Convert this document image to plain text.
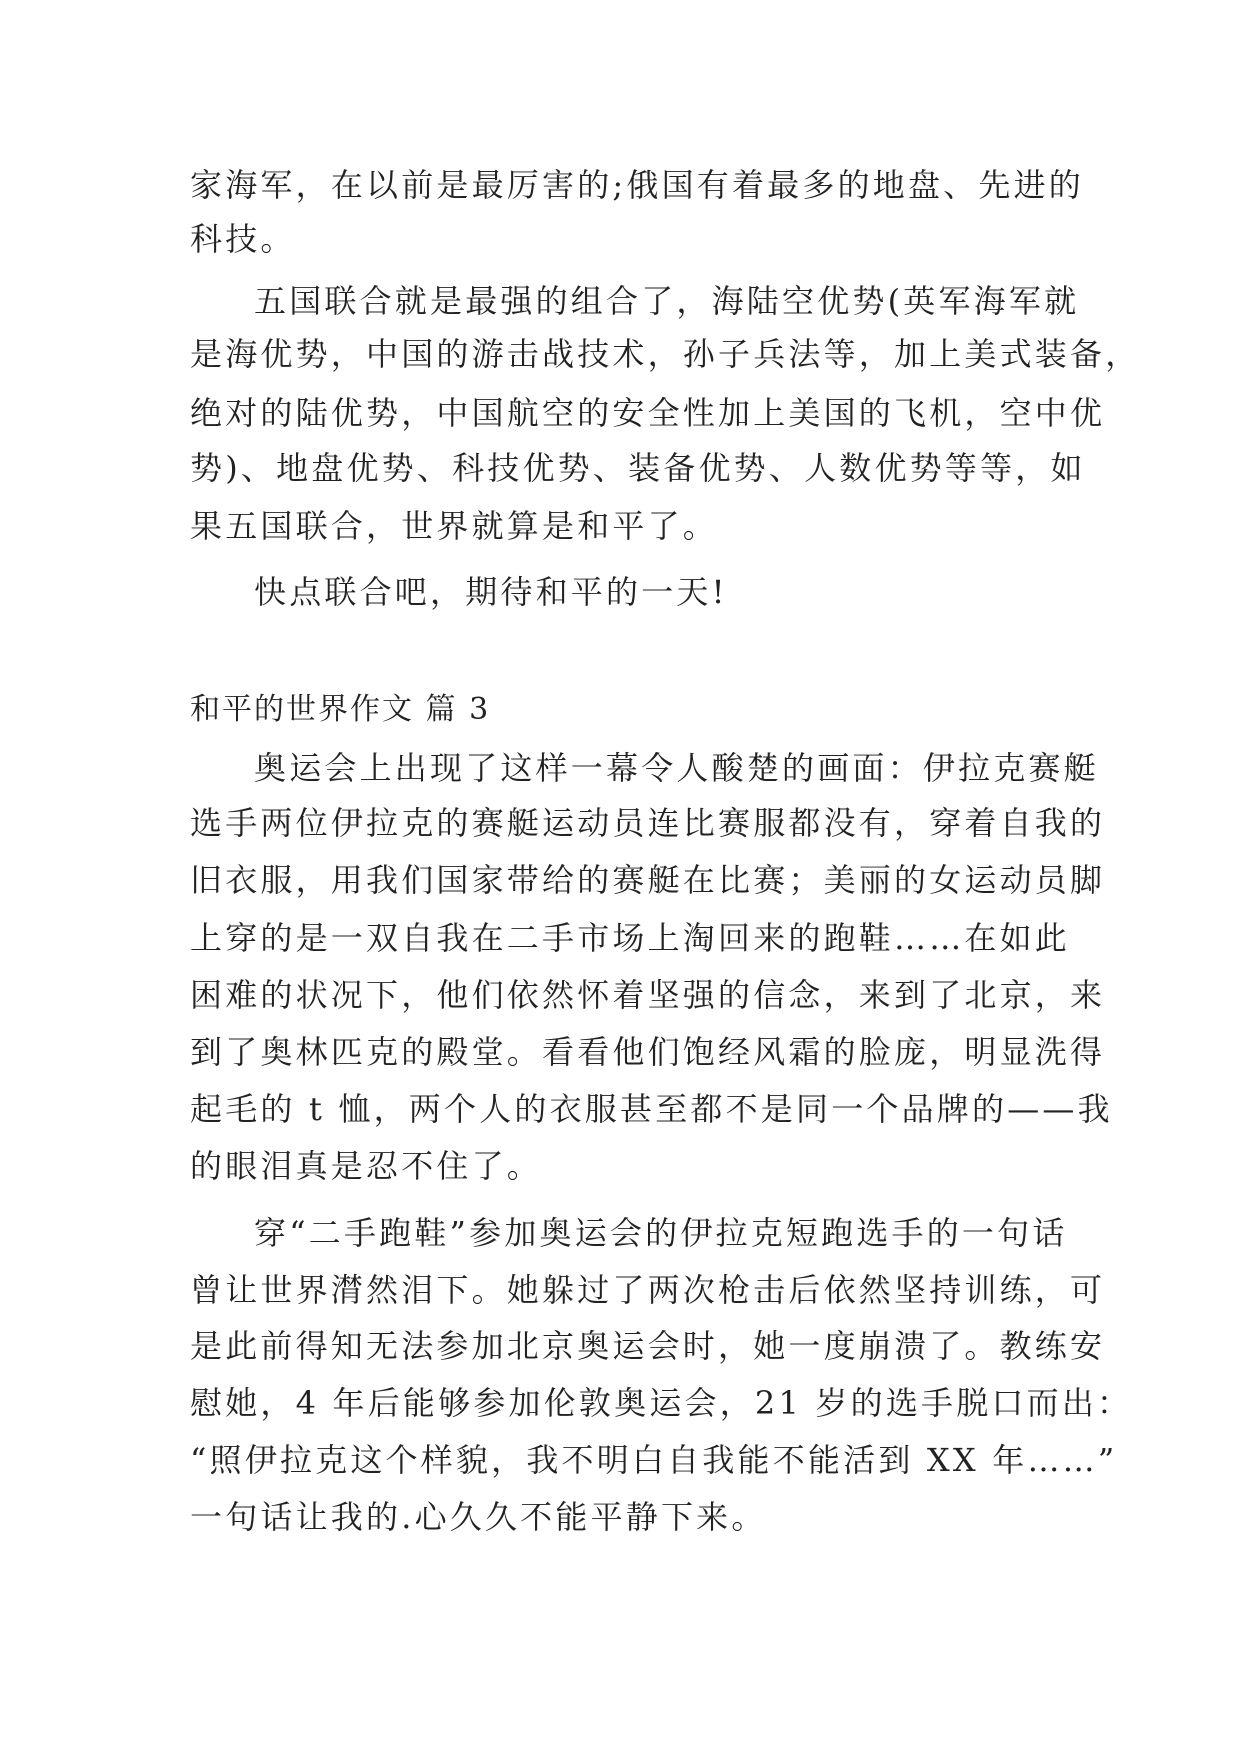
家海军，在以前是最厉害的;俄国有着最多的地盘、先进的
科技。
五国联合就是最强的组合了，海陆空优势(英军海军就
是海优势，中国的游击战技术，孙子兵法等，加上美式装备，
绝对的陆优势，中国航空的安全性加上美国的飞机，空中优
势)、地盘优势、科技优势、装备优势、人数优势等等，如
果五国联合，世界就算是和平了。
快点联合吧，期待和平的一天!
和平的世界作文 篇 3
奥运会上出现了这样一幕令人酸楚的画面：伊拉克赛艇
选手两位伊拉克的赛艇运动员连比赛服都没有，穿着自我的
旧衣服，用我们国家带给的赛艇在比赛；美丽的女运动员脚
上穿的是一双自我在二手市场上淘回来的跑鞋……在如此
困难的状况下，他们依然怀着坚强的信念，来到了北京，来
到了奥林匹克的殿堂。看看他们饱经风霜的脸庞，明显洗得
起毛的 t 恤，两个人的衣服甚至都不是同一个品牌的——我
的眼泪真是忍不住了。
穿“二手跑鞋”参加奥运会的伊拉克短跑选手的一句话
曾让世界潸然泪下。她躲过了两次枪击后依然坚持训练，可
是此前得知无法参加北京奥运会时，她一度崩溃了。教练安
慰她，4 年后能够参加伦敦奥运会，21 岁的选手脱口而出：
“照伊拉克这个样貌，我不明白自我能不能活到 XX 年……”
一句话让我的.心久久不能平静下来。
